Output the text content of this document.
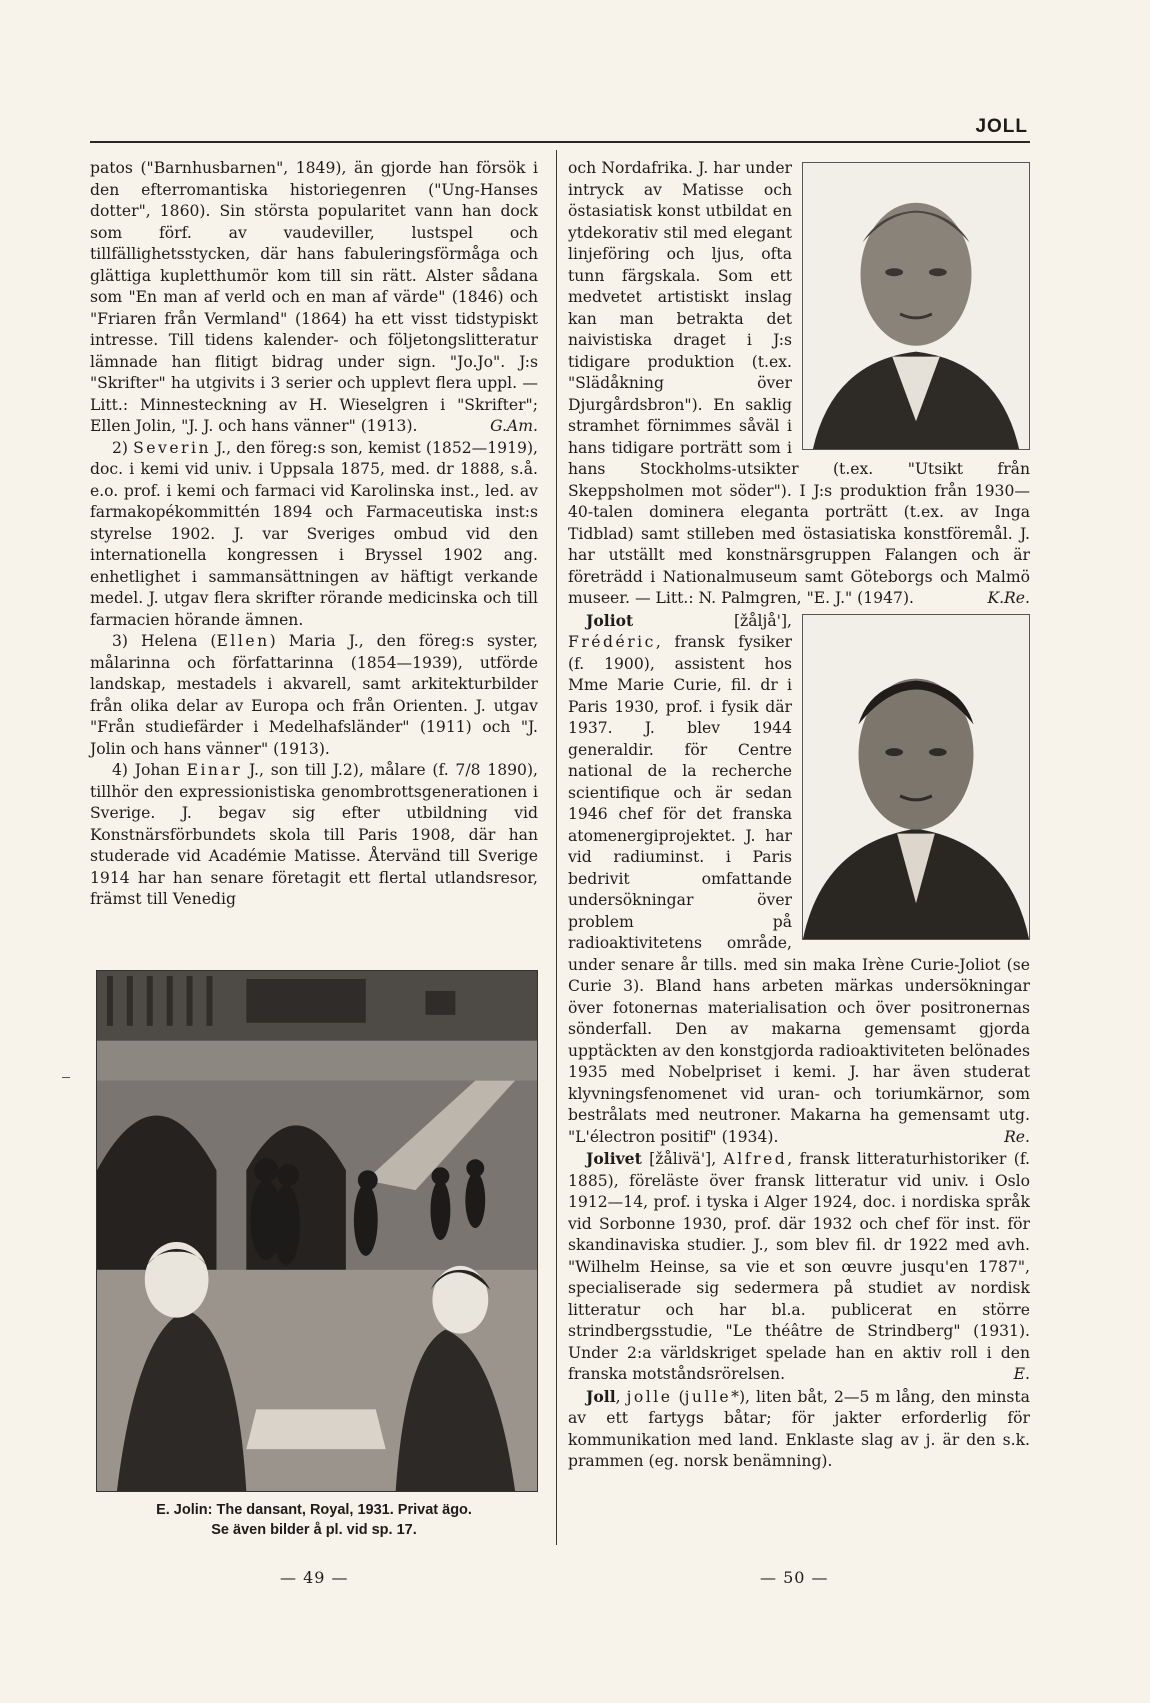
JOLL

patos ("Barnhusbarnen", 1849), än gjorde han försök i den efterromantiska historiegenren ("Ung-Hanses dotter", 1860). Sin största popularitet vann han dock som förf. av vaudeviller, lustspel och tillfällighetsstycken, där hans fabuleringsförmåga och glättiga kupletthumör kom till sin rätt. Alster sådana som "En man af verld och en man af värde" (1846) och "Friaren från Vermland" (1864) ha ett visst tidstypiskt intresse. Till tidens kalender- och följetongslitteratur lämnade han flitigt bidrag under sign. "Jo.Jo". J:s "Skrifter" ha utgivits i 3 serier och upplevt flera uppl. — Litt.: Minnesteckning av H. Wieselgren i "Skrifter"; Ellen Jolin, "J. J. och hans vänner" (1913).	G.Am.

2) Severin J., den föreg:s son, kemist (1852—1919), doc. i kemi vid univ. i Uppsala 1875, med. dr 1888, s.å. e.o. prof. i kemi och farmaci vid Karolinska inst., led. av farmakopékommittén 1894 och Farmaceutiska inst:s styrelse 1902. J. var Sveriges ombud vid den internationella kongressen i Bryssel 1902 ang. enhetlighet i sammansättningen av häftigt verkande medel. J. utgav flera skrifter rörande medicinska och till farmacien hörande ämnen.

3) Helena (Ellen) Maria J., den föreg:s syster, målarinna och författarinna (1854—1939), utförde landskap, mestadels i akvarell, samt arkitekturbilder från olika delar av Europa och från Orienten. J. utgav "Från studiefärder i Medelhafsländer" (1911) och "J. Jolin och hans vänner" (1913).

4) Johan Einar J., son till J.2), målare (f. 7/8 1890), tillhör den expressionistiska genombrottsgenerationen i Sverige. J. begav sig efter utbildning vid Konstnärsförbundets skola till Paris 1908, där han studerade vid Académie Matisse. Återvänd till Sverige 1914 har han senare företagit ett flertal utlandsresor, främst till Venedig

E. Jolin: The dansant, Royal, 1931. Privat ägo.
Se även bilder å pl. vid sp. 17.

och Nordafrika. J. har under intryck av Matisse och östasiatisk konst utbildat en ytdekorativ stil med elegant linjeföring och ljus, ofta tunn färgskala. Som ett medvetet artistiskt inslag kan man betrakta det naivistiska draget i J:s tidigare produktion (t.ex. "Slädåkning över Djurgårdsbron"). En saklig stramhet förnimmes såväl i hans tidigare porträtt som i hans Stockholms-utsikter (t.ex. "Utsikt från Skeppsholmen mot söder"). I J:s produktion från 1930—40-talen dominera eleganta porträtt (t.ex. av Inga Tidblad) samt stilleben med östasiatiska konstföremål. J. har utställt med konstnärsgruppen Falangen och är företrädd i Nationalmuseum samt Göteborgs och Malmö museer. — Litt.: N. Palmgren, "E. J." (1947).	K.Re.

Joliot [žåljå'], Frédéric, fransk fysiker (f. 1900), assistent hos Mme Marie Curie, fil. dr i Paris 1930, prof. i fysik där 1937. J. blev 1944 generaldir. för Centre national de la recherche scientifique och är sedan 1946 chef för det franska atomenergiprojektet. J. har vid radiuminst. i Paris bedrivit omfattande undersökningar över problem på radioaktivitetens område, under senare år tills. med sin maka Irène Curie-Joliot (se Curie 3). Bland hans arbeten märkas undersökningar över fotonernas materialisation och över positronernas sönderfall. Den av makarna gemensamt gjorda upptäckten av den konstgjorda radioaktiviteten belönades 1935 med Nobelpriset i kemi. J. har även studerat klyvningsfenomenet vid uran- och toriumkärnor, som bestrålats med neutroner. Makarna ha gemensamt utg. "L'électron positif" (1934).	Re.

Jolivet [žålivä'], Alfred, fransk litteraturhistoriker (f. 1885), föreläste över fransk litteratur vid univ. i Oslo 1912—14, prof. i tyska i Alger 1924, doc. i nordiska språk vid Sorbonne 1930, prof. där 1932 och chef för inst. för skandinaviska studier. J., som blev fil. dr 1922 med avh. "Wilhelm Heinse, sa vie et son œuvre jusqu'en 1787", specialiserade sig sedermera på studiet av nordisk litteratur och har bl.a. publicerat en större strindbergsstudie, "Le théâtre de Strindberg" (1931). Under 2:a världskriget spelade han en aktiv roll i den franska motståndsrörelsen.	E.

Joll, jolle (julle*), liten båt, 2—5 m lång, den minsta av ett fartygs båtar; för jakter erforderlig för kommunikation med land. Enklaste slag av j. är den s.k. prammen (eg. norsk benämning).

— 49 —	— 50 —
